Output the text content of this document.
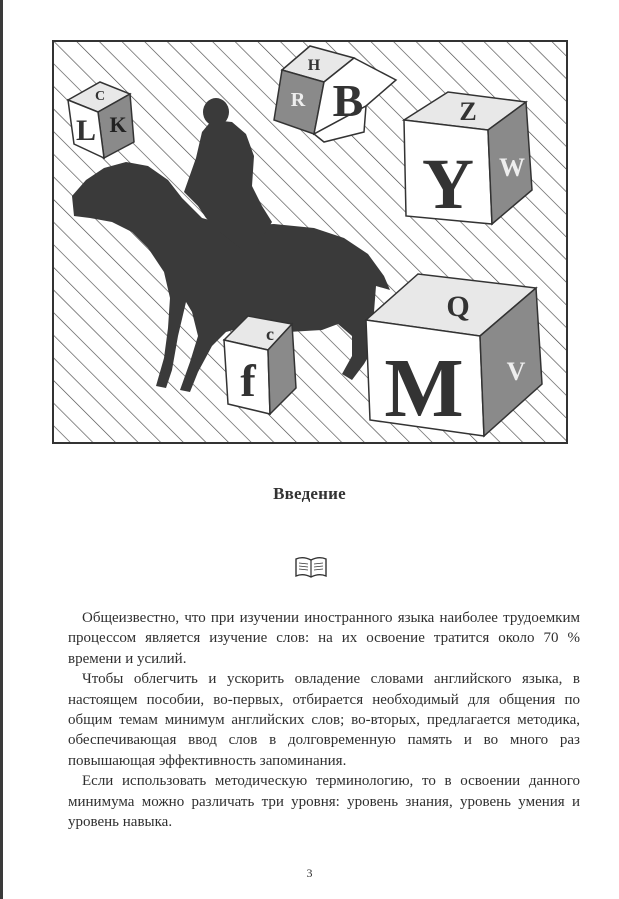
L K
C	B
R
H
Y W
Z
f
c
M V
Q
Введение

Общеизвестно, что при изучении иностранного языка наиболее трудоемким процессом является изучение слов: на их освоение тратится около 70 % времени и усилий.

Чтобы облегчить и ускорить овладение словами английского языка, в настоящем пособии, во-первых, отбирается необходимый для общения по общим темам минимум английских слов; во-вторых, предлагается методика, обеспечивающая ввод слов в долговременную память и во много раз повышающая эффективность запоминания.

Если использовать методическую терминологию, то в освоении данного минимума можно различать три уровня: уровень знания, уровень умения и уровень навыка.

3
